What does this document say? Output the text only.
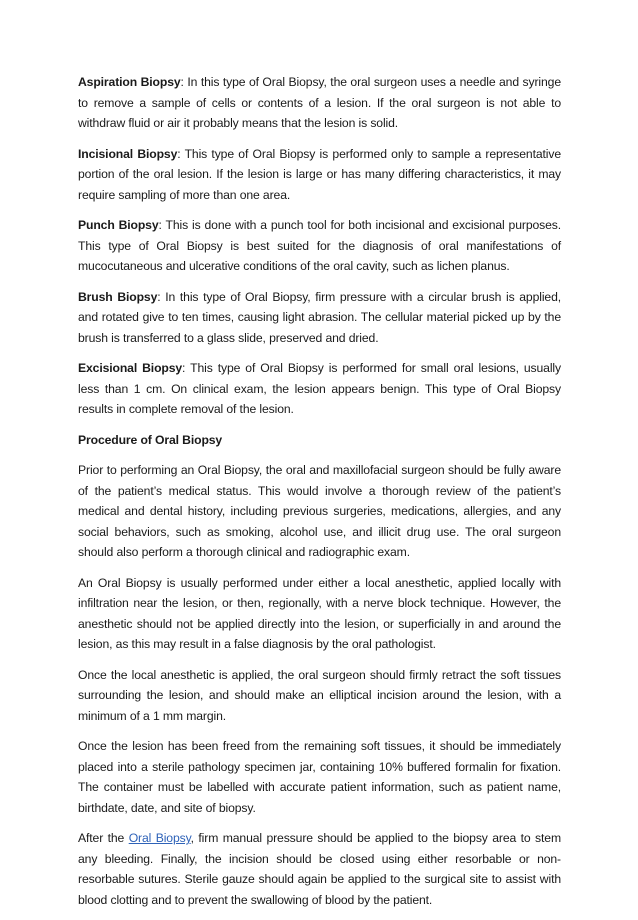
Aspiration Biopsy: In this type of Oral Biopsy, the oral surgeon uses a needle and syringe to remove a sample of cells or contents of a lesion. If the oral surgeon is not able to withdraw fluid or air it probably means that the lesion is solid.

Incisional Biopsy: This type of Oral Biopsy is performed only to sample a representative portion of the oral lesion. If the lesion is large or has many differing characteristics, it may require sampling of more than one area.

Punch Biopsy: This is done with a punch tool for both incisional and excisional purposes. This type of Oral Biopsy is best suited for the diagnosis of oral manifestations of mucocutaneous and ulcerative conditions of the oral cavity, such as lichen planus.

Brush Biopsy: In this type of Oral Biopsy, firm pressure with a circular brush is applied, and rotated give to ten times, causing light abrasion. The cellular material picked up by the brush is transferred to a glass slide, preserved and dried.

Excisional Biopsy: This type of Oral Biopsy is performed for small oral lesions, usually less than 1 cm. On clinical exam, the lesion appears benign. This type of Oral Biopsy results in complete removal of the lesion.

Procedure of Oral Biopsy

Prior to performing an Oral Biopsy, the oral and maxillofacial surgeon should be fully aware of the patient’s medical status. This would involve a thorough review of the patient’s medical and dental history, including previous surgeries, medications, allergies, and any social behaviors, such as smoking, alcohol use, and illicit drug use. The oral surgeon should also perform a thorough clinical and radiographic exam.

An Oral Biopsy is usually performed under either a local anesthetic, applied locally with infiltration near the lesion, or then, regionally, with a nerve block technique. However, the anesthetic should not be applied directly into the lesion, or superficially in and around the lesion, as this may result in a false diagnosis by the oral pathologist.

Once the local anesthetic is applied, the oral surgeon should firmly retract the soft tissues surrounding the lesion, and should make an elliptical incision around the lesion, with a minimum of a 1 mm margin.

Once the lesion has been freed from the remaining soft tissues, it should be immediately placed into a sterile pathology specimen jar, containing 10% buffered formalin for fixation. The container must be labelled with accurate patient information, such as patient name, birthdate, date, and site of biopsy.

After the Oral Biopsy, firm manual pressure should be applied to the biopsy area to stem any bleeding. Finally, the incision should be closed using either resorbable or non-resorbable sutures. Sterile gauze should again be applied to the surgical site to assist with blood clotting and to prevent the swallowing of blood by the patient.
